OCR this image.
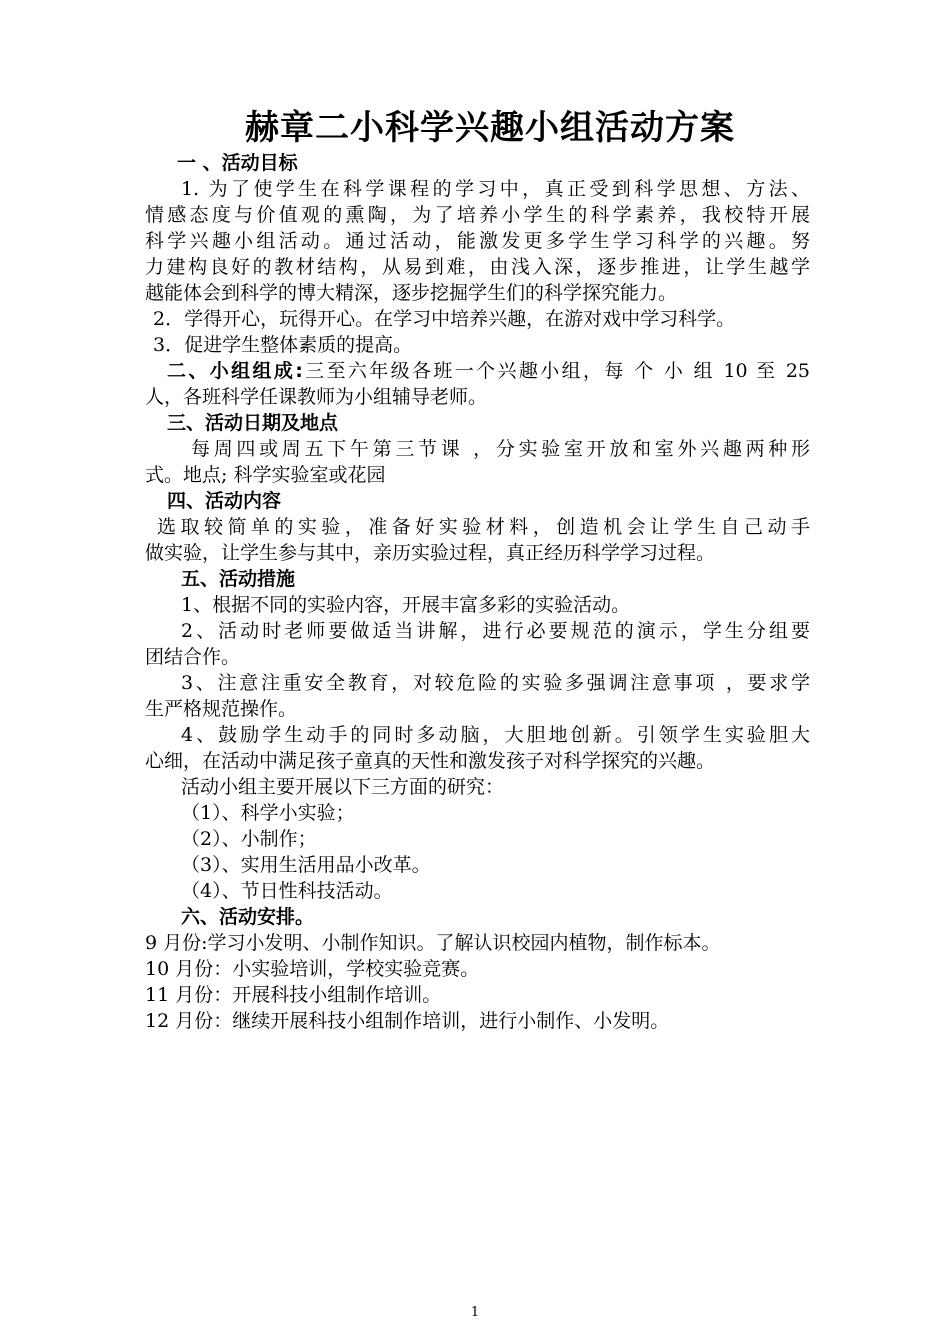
赫章二小科学兴趣小组活动方案
一 、活动目标
1. 为了使学生在科学课程的学习中，真正受到科学思想、方法、
情感态度与价值观的熏陶，为了培养小学生的科学素养，我校特开展
科学兴趣小组活动。通过活动，能激发更多学生学习科学的兴趣。努
力建构良好的教材结构，从易到难，由浅入深，逐步推进，让学生越学
越能体会到科学的博大精深，逐步挖掘学生们的科学探究能力。
2．学得开心，玩得开心。在学习中培养兴趣，在游对戏中学习科学。
3．促进学生整体素质的提高。
二、小组组成:三至六年级各班一个兴趣小组，每 个 小 组 10 至 25
人，各班科学任课教师为小组辅导老师。
三、活动日期及地点
每周四或周五下午第三节课 ，分实验室开放和室外兴趣两种形
式。地点; 科学实验室或花园
四、活动内容
选取较简单的实验，准备好实验材料，创造机会让学生自己动手
做实验，让学生参与其中，亲历实验过程，真正经历科学学习过程。
五、活动措施
1、根据不同的实验内容，开展丰富多彩的实验活动。
2、活动时老师要做适当讲解，进行必要规范的演示，学生分组要
团结合作。
3、注意注重安全教育，对较危险的实验多强调注意事项 ，要求学
生严格规范操作。
4、鼓励学生动手的同时多动脑，大胆地创新。引领学生实验胆大
心细，在活动中满足孩子童真的天性和激发孩子对科学探究的兴趣。
活动小组主要开展以下三方面的研究：
（1）、科学小实验；
（2）、小制作；
（3）、实用生活用品小改革。
（4）、节日性科技活动。
六、活动安排。
9 月份:学习小发明、小制作知识。了解认识校园内植物，制作标本。
10 月份：小实验培训，学校实验竞赛。
11 月份：开展科技小组制作培训。
12 月份：继续开展科技小组制作培训，进行小制作、小发明。
1
